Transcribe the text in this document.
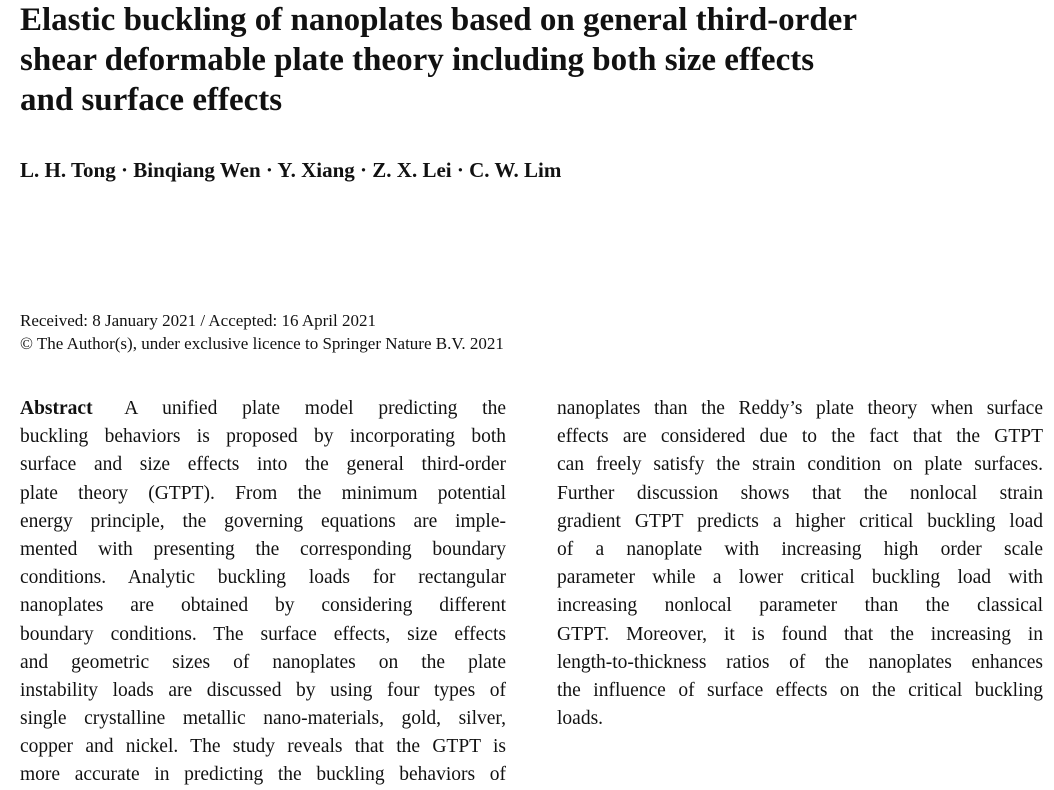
Elastic buckling of nanoplates based on general third-order
shear deformable plate theory including both size effects
and surface effects
L. H. Tong · Binqiang Wen · Y. Xiang · Z. X. Lei · C. W. Lim
Received: 8 January 2021 / Accepted: 16 April 2021
© The Author(s), under exclusive licence to Springer Nature B.V. 2021
Abstract A unified plate model predicting the
buckling behaviors is proposed by incorporating both
surface and size effects into the general third-order
plate theory (GTPT). From the minimum potential
energy principle, the governing equations are imple-
mented with presenting the corresponding boundary
conditions. Analytic buckling loads for rectangular
nanoplates are obtained by considering different
boundary conditions. The surface effects, size effects
and geometric sizes of nanoplates on the plate
instability loads are discussed by using four types of
single crystalline metallic nano-materials, gold, silver,
copper and nickel. The study reveals that the GTPT is
more accurate in predicting the buckling behaviors of
nanoplates than the Reddy’s plate theory when surface
effects are considered due to the fact that the GTPT
can freely satisfy the strain condition on plate surfaces.
Further discussion shows that the nonlocal strain
gradient GTPT predicts a higher critical buckling load
of a nanoplate with increasing high order scale
parameter while a lower critical buckling load with
increasing nonlocal parameter than the classical
GTPT. Moreover, it is found that the increasing in
length-to-thickness ratios of the nanoplates enhances
the influence of surface effects on the critical buckling
loads.
